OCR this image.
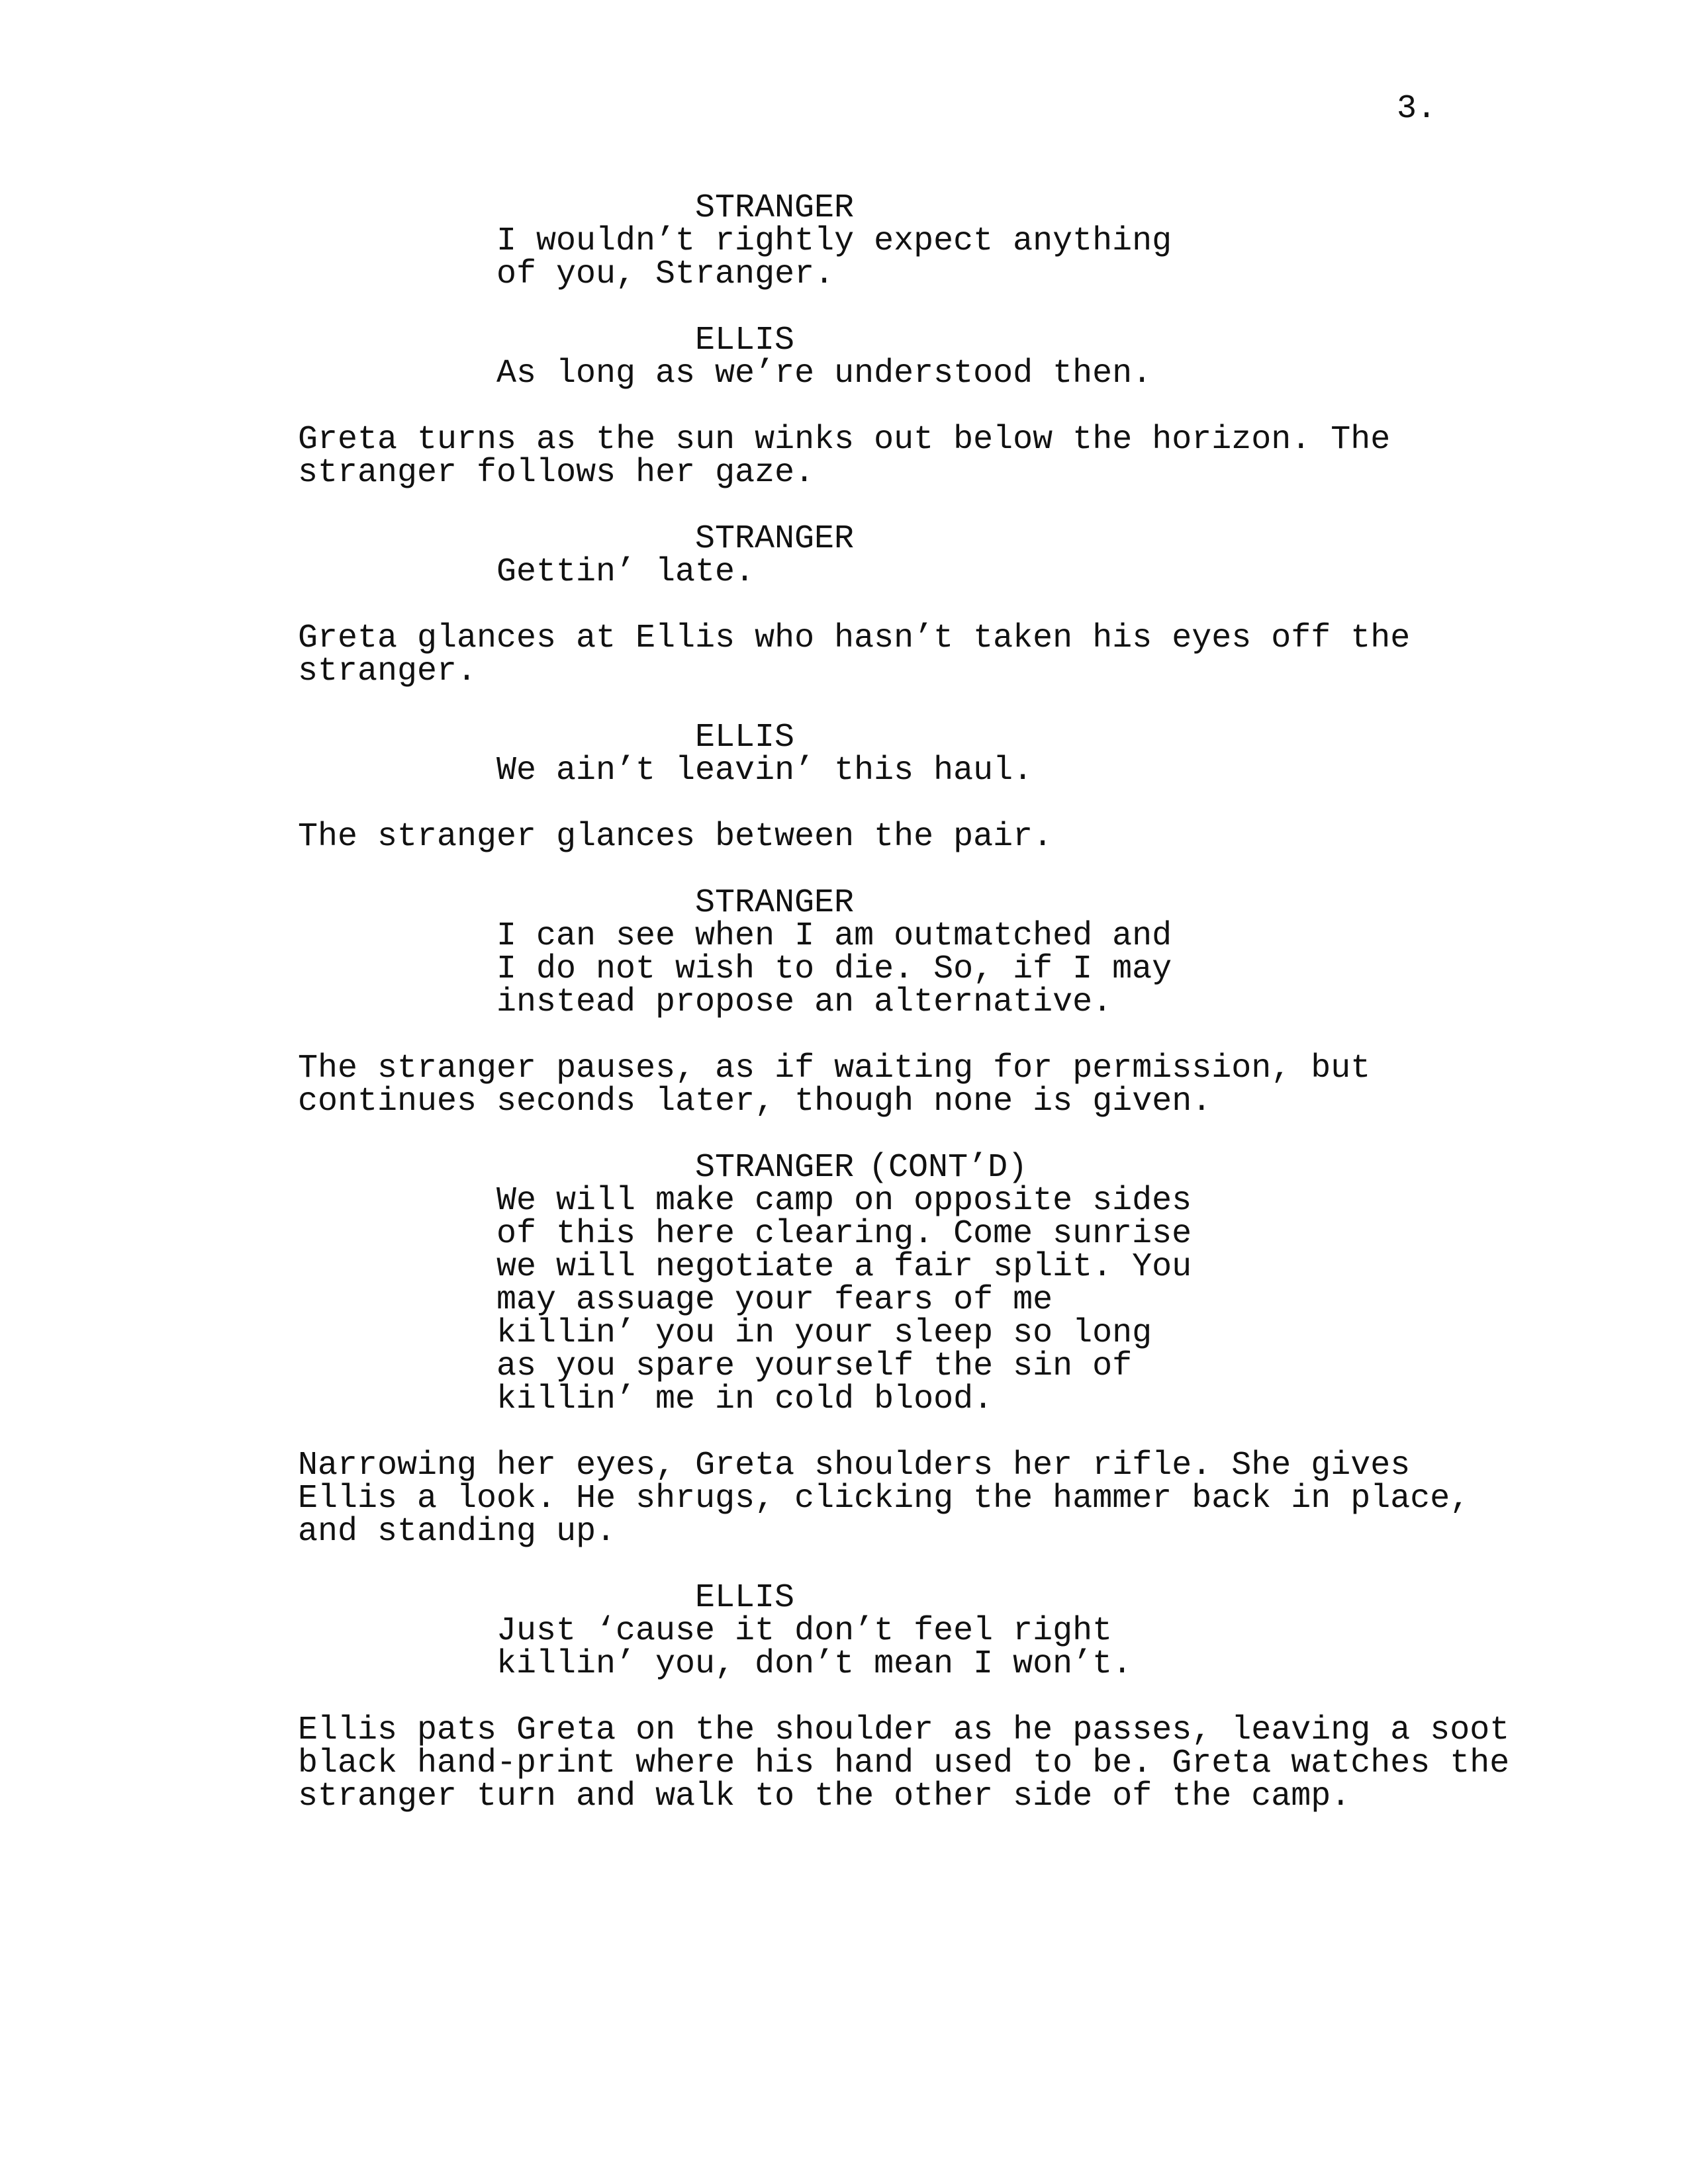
3.
STRANGER
I wouldn’t rightly expect anything
of you, Stranger.
ELLIS
As long as we’re understood then.
Greta turns as the sun winks out below the horizon. The
stranger follows her gaze.
STRANGER
Gettin’ late.
Greta glances at Ellis who hasn’t taken his eyes off the
stranger.
ELLIS
We ain’t leavin’ this haul.
The stranger glances between the pair.
STRANGER
I can see when I am outmatched and
I do not wish to die. So, if I may
instead propose an alternative.
The stranger pauses, as if waiting for permission, but
continues seconds later, though none is given.
STRANGER (CONT’D)
We will make camp on opposite sides
of this here clearing. Come sunrise
we will negotiate a fair split. You
may assuage your fears of me
killin’ you in your sleep so long
as you spare yourself the sin of
killin’ me in cold blood.
Narrowing her eyes, Greta shoulders her rifle. She gives
Ellis a look. He shrugs, clicking the hammer back in place,
and standing up.
ELLIS
Just ‘cause it don’t feel right
killin’ you, don’t mean I won’t.
Ellis pats Greta on the shoulder as he passes, leaving a soot
black hand-print where his hand used to be. Greta watches the
stranger turn and walk to the other side of the camp.
